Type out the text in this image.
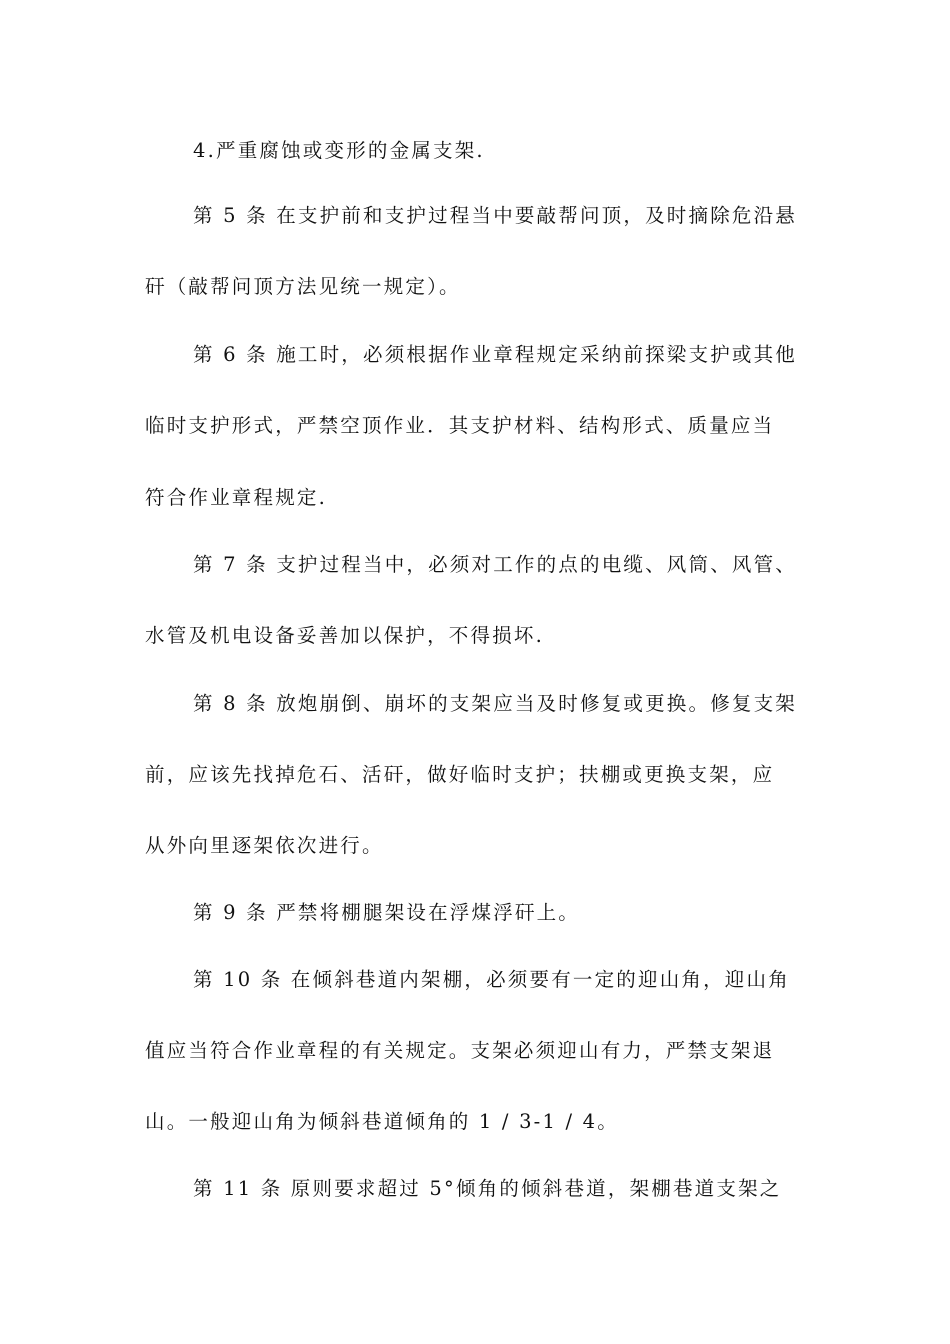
4.严重腐蚀或变形的金属支架.
第 5 条 在支护前和支护过程当中要敲帮问顶，及时摘除危沿悬
矸（敲帮问顶方法见统一规定）。
第 6 条 施工时，必须根据作业章程规定采纳前探梁支护或其他
临时支护形式，严禁空顶作业．其支护材料、结构形式、质量应当
符合作业章程规定.
第 7 条 支护过程当中，必须对工作的点的电缆、风筒、风管、
水管及机电设备妥善加以保护，不得损坏.
第 8 条 放炮崩倒、崩坏的支架应当及时修复或更换。修复支架
前，应该先找掉危石、活矸，做好临时支护；扶棚或更换支架，应
从外向里逐架依次进行。
第 9 条 严禁将棚腿架设在浮煤浮矸上。
第 10 条 在倾斜巷道内架棚，必须要有一定的迎山角，迎山角
值应当符合作业章程的有关规定。支架必须迎山有力，严禁支架退
山。一般迎山角为倾斜巷道倾角的 1 / 3-1 / 4。
第 11 条 原则要求超过 5°倾角的倾斜巷道，架棚巷道支架之
